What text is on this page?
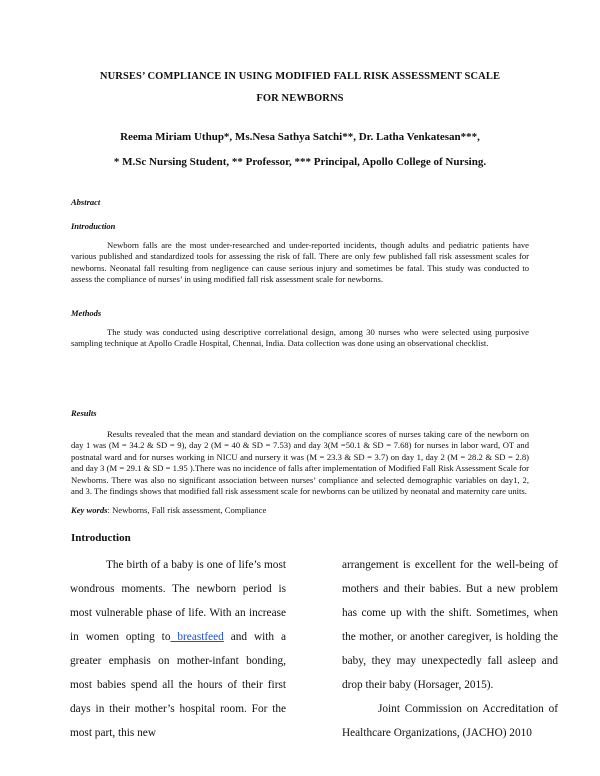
NURSES’ COMPLIANCE IN USING MODIFIED FALL RISK ASSESSMENT SCALE
FOR NEWBORNS
Reema Miriam Uthup*, Ms.Nesa Sathya Satchi**, Dr. Latha Venkatesan***,
* M.Sc Nursing Student, ** Professor, *** Principal, Apollo College of Nursing.
Abstract
Introduction
Newborn falls are the most under-researched and under-reported incidents, though adults and pediatric patients have various published and standardized tools for assessing the risk of fall. There are only few published fall risk assessment scales for newborns. Neonatal fall resulting from negligence can cause serious injury and sometimes be fatal. This study was conducted to assess the compliance of nurses’ in using modified fall risk assessment scale for newborns.
Methods
The study was conducted using descriptive correlational design, among 30 nurses who were selected using purposive sampling technique at Apollo Cradle Hospital, Chennai, India. Data collection was done using an observational checklist.
Results
Results revealed that the mean and standard deviation on the compliance scores of nurses taking care of the newborn on day 1 was (M = 34.2 & SD = 9), day 2 (M = 40 & SD = 7.53) and day 3(M =50.1 & SD = 7.68) for nurses in labor ward, OT and postnatal ward and for nurses working in NICU and nursery it was (M = 23.3 & SD = 3.7) on day 1, day 2 (M = 28.2 & SD = 2.8) and day 3 (M = 29.1 & SD = 1.95 ).There was no incidence of falls after implementation of Modified Fall Risk Assessment Scale for Newborns. There was also no significant association between nurses’ compliance and selected demographic variables on day1, 2, and 3. The findings shows that modified fall risk assessment scale for newborns can be utilized by neonatal and maternity care units.
Key words: Newborns, Fall risk assessment, Compliance
Introduction

The birth of a baby is one of life’s most wondrous moments. The newborn period is most vulnerable phase of life. With an increase in women opting to breastfeed and with a greater emphasis on mother-infant bonding, most babies spend all the hours of their first days in their mother’s hospital room. For the most part, this new

arrangement is excellent for the well-being of mothers and their babies. But a new problem has come up with the shift. Sometimes, when the mother, or another caregiver, is holding the baby, they may unexpectedly fall asleep and drop their baby (Horsager, 2015).

Joint Commission on Accreditation of Healthcare Organizations, (JACHO) 2010
